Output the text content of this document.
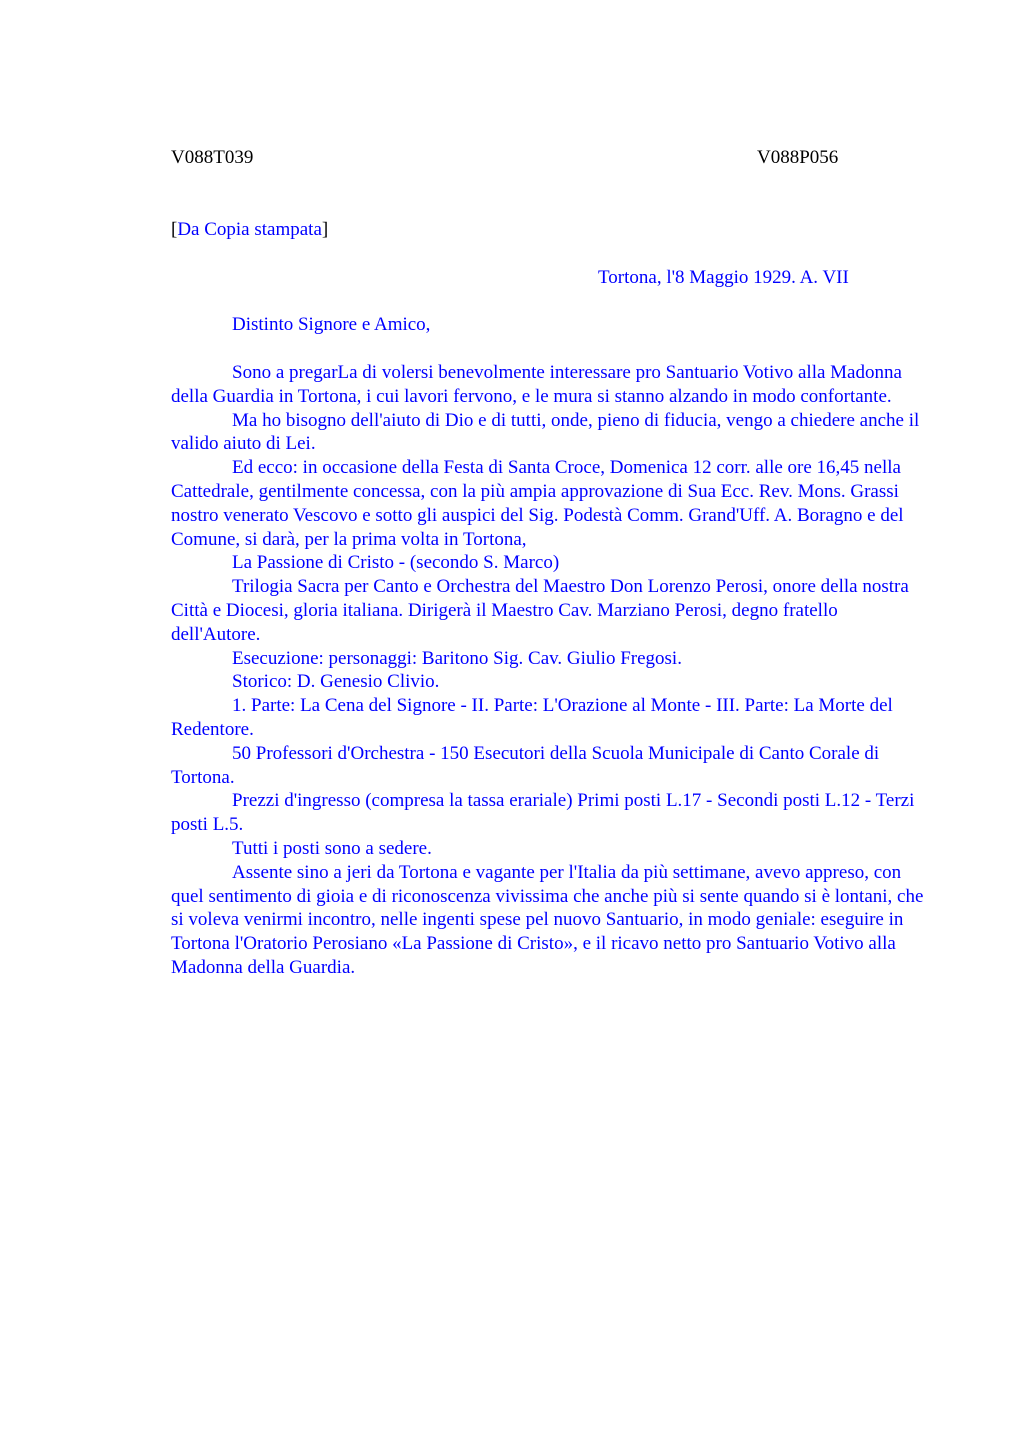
V088T039	V088P056
[Da Copia stampata]
Tortona, l'8 Maggio 1929. A. VII
Distinto Signore e Amico,

Sono a pregarLa di volersi benevolmente interessare pro Santuario Votivo alla Madonna della Guardia in Tortona, i cui lavori fervono, e le mura si stanno alzando in modo confortante.

Ma ho bisogno dell'aiuto di Dio e di tutti, onde, pieno di fiducia, vengo a chiedere anche il valido aiuto di Lei.

Ed ecco: in occasione della Festa di Santa Croce, Domenica 12 corr. alle ore 16,45 nella Cattedrale, gentilmente concessa, con la più ampia approvazione di Sua Ecc. Rev. Mons. Grassi nostro venerato Vescovo e sotto gli auspici del Sig. Podestà Comm. Grand'Uff. A. Boragno e del Comune, si darà, per la prima volta in Tortona,

La Passione di Cristo - (secondo S. Marco)

Trilogia Sacra per Canto e Orchestra del Maestro Don Lorenzo Perosi, onore della nostra Città e Diocesi, gloria italiana. Dirigerà il Maestro Cav. Marziano Perosi, degno fratello dell'Autore.

Esecuzione: personaggi: Baritono Sig. Cav. Giulio Fregosi.

Storico: D. Genesio Clivio.

1. Parte: La Cena del Signore - II. Parte: L'Orazione al Monte - III. Parte: La Morte del Redentore.

50 Professori d'Orchestra - 150 Esecutori della Scuola Municipale di Canto Corale di Tortona.

Prezzi d'ingresso (compresa la tassa erariale) Primi posti L.17 - Secondi posti L.12 - Terzi posti L.5.

Tutti i posti sono a sedere.

Assente sino a jeri da Tortona e vagante per l'Italia da più settimane, avevo appreso, con quel sentimento di gioia e di riconoscenza vivissima che anche più si sente quando si è lontani, che si voleva venirmi incontro, nelle ingenti spese pel nuovo Santuario, in modo geniale: eseguire in Tortona l'Oratorio Perosiano «La Passione di Cristo», e il ricavo netto pro Santuario Votivo alla Madonna della Guardia.
